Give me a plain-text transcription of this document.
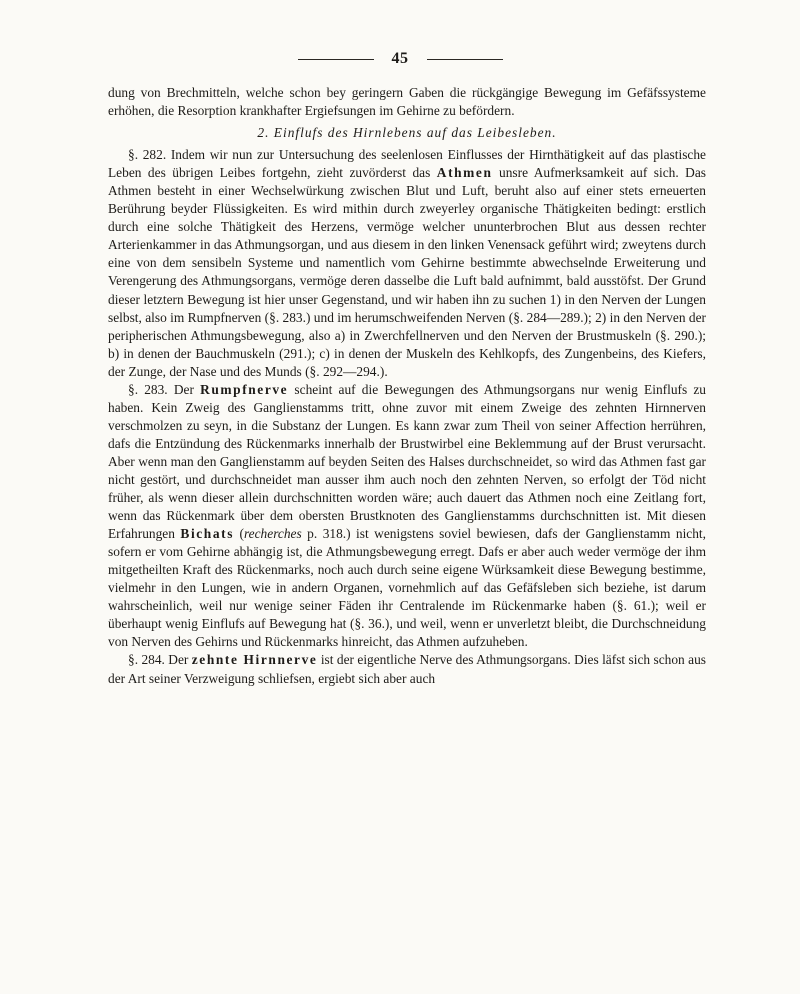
45

dung von Brechmitteln, welche schon bey geringern Gaben die rückgängige Bewegung im Gefäfssysteme erhöhen, die Resorption krankhafter Ergiefsungen im Gehirne zu befördern.

2. Einflufs des Hirnlebens auf das Leibesleben.

§. 282. Indem wir nun zur Untersuchung des seelenlosen Einflusses der Hirnthätigkeit auf das plastische Leben des übrigen Leibes fortgehn, zieht zuvörderst das Athmen unsre Aufmerksamkeit auf sich. Das Athmen besteht in einer Wechselwürkung zwischen Blut und Luft, beruht also auf einer stets erneuerten Berührung beyder Flüssigkeiten. Es wird mithin durch zweyerley organische Thätigkeiten bedingt: erstlich durch eine solche Thätigkeit des Herzens, vermöge welcher ununterbrochen Blut aus dessen rechter Arterienkammer in das Athmungsorgan, und aus diesem in den linken Venensack geführt wird; zweytens durch eine von dem sensibeln Systeme und namentlich vom Gehirne bestimmte abwechselnde Erweiterung und Verengerung des Athmungsorgans, vermöge deren dasselbe die Luft bald aufnimmt, bald ausstöfst. Der Grund dieser letztern Bewegung ist hier unser Gegenstand, und wir haben ihn zu suchen 1) in den Nerven der Lungen selbst, also im Rumpfnerven (§. 283.) und im herumschweifenden Nerven (§. 284—289.); 2) in den Nerven der peripherischen Athmungsbewegung, also a) in Zwerchfellnerven und den Nerven der Brustmuskeln (§. 290.); b) in denen der Bauchmuskeln (291.); c) in denen der Muskeln des Kehlkopfs, des Zungenbeins, des Kiefers, der Zunge, der Nase und des Munds (§. 292—294.).

§. 283. Der Rumpfnerve scheint auf die Bewegungen des Athmungsorgans nur wenig Einflufs zu haben. Kein Zweig des Ganglienstamms tritt, ohne zuvor mit einem Zweige des zehnten Hirnnerven verschmolzen zu seyn, in die Substanz der Lungen. Es kann zwar zum Theil von seiner Affection herrühren, dafs die Entzündung des Rückenmarks innerhalb der Brustwirbel eine Beklemmung auf der Brust verursacht. Aber wenn man den Ganglienstamm auf beyden Seiten des Halses durchschneidet, so wird das Athmen fast gar nicht gestört, und durchschneidet man ausser ihm auch noch den zehnten Nerven, so erfolgt der Töd nicht früher, als wenn dieser allein durchschnitten worden wäre; auch dauert das Athmen noch eine Zeitlang fort, wenn das Rückenmark über dem obersten Brustknoten des Ganglienstamms durchschnitten ist. Mit diesen Erfahrungen Bichats (recherches p. 318.) ist wenigstens soviel bewiesen, dafs der Ganglienstamm nicht, sofern er vom Gehirne abhängig ist, die Athmungsbewegung erregt. Dafs er aber auch weder vermöge der ihm mitgetheilten Kraft des Rückenmarks, noch auch durch seine eigene Würksamkeit diese Bewegung bestimme, vielmehr in den Lungen, wie in andern Organen, vornehmlich auf das Gefäfsleben sich beziehe, ist darum wahrscheinlich, weil nur wenige seiner Fäden ihr Centralende im Rückenmarke haben (§. 61.); weil er überhaupt wenig Einflufs auf Bewegung hat (§. 36.), und weil, wenn er unverletzt bleibt, die Durchschneidung von Nerven des Gehirns und Rückenmarks hinreicht, das Athmen aufzuheben.

§. 284. Der zehnte Hirnnerve ist der eigentliche Nerve des Athmungsorgans. Dies läfst sich schon aus der Art seiner Verzweigung schliefsen, ergiebt sich aber auch
